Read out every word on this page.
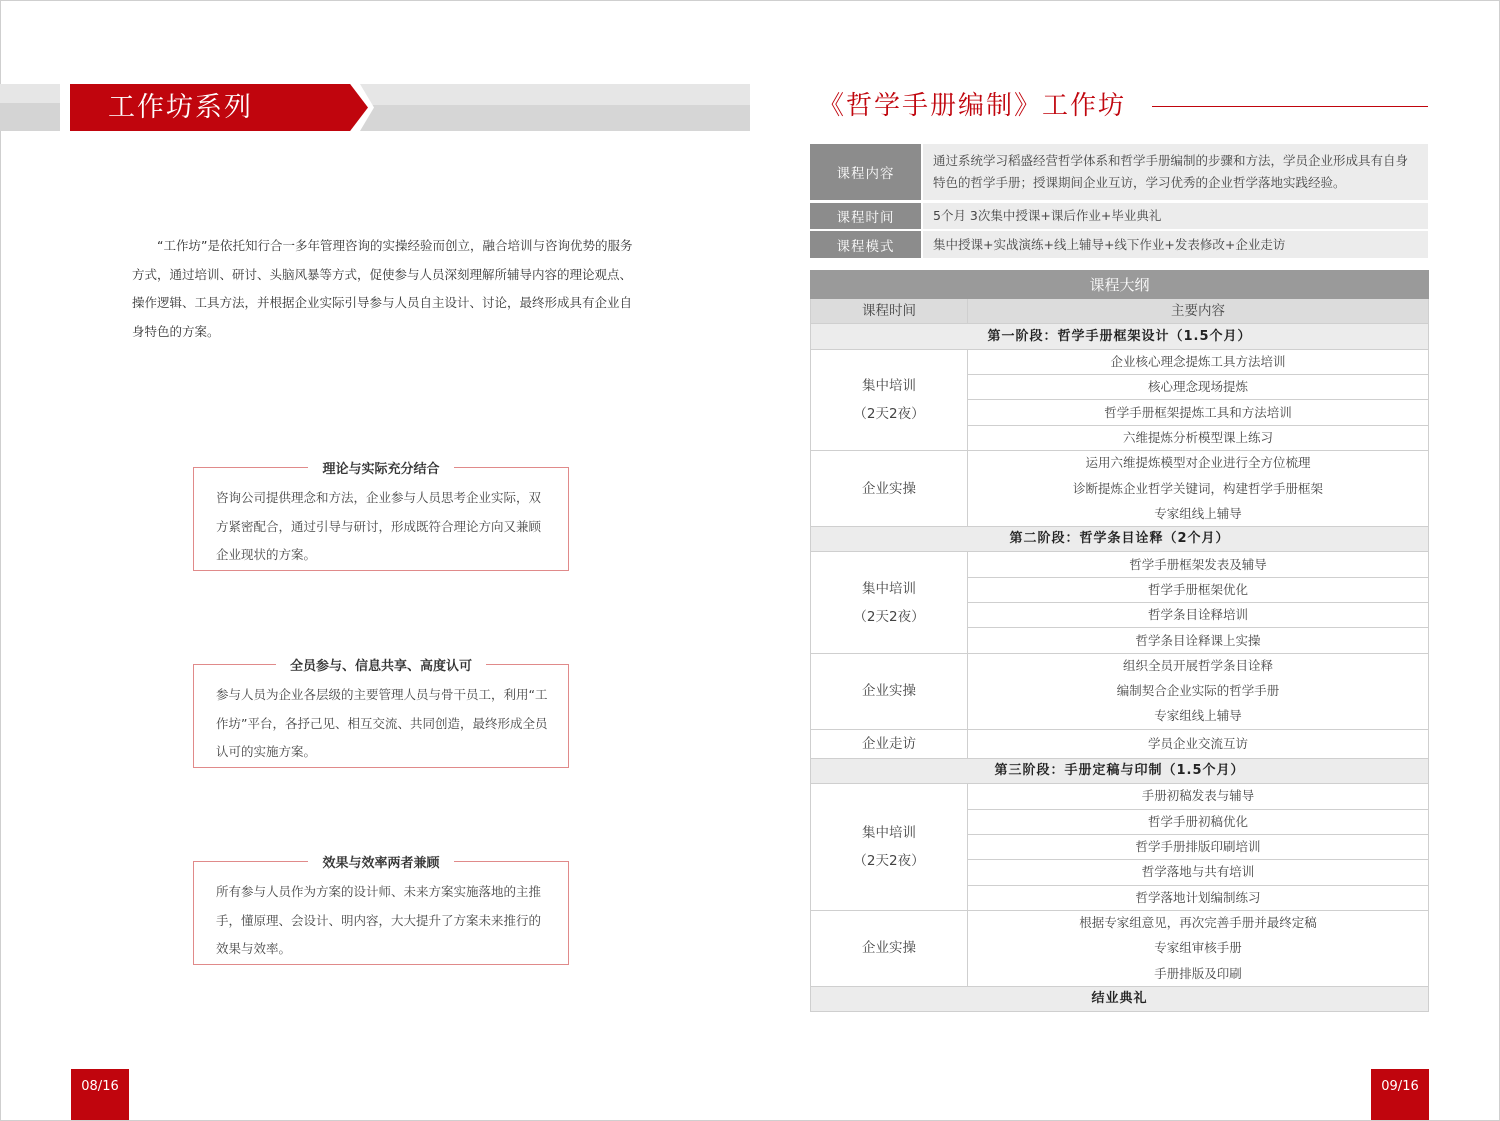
工作坊系列

“工作坊”是依托知行合一多年管理咨询的实操经验而创立，融合培训与咨询优势的服务方式，通过培训、研讨、头脑风暴等方式，促使参与人员深刻理解所辅导内容的理论观点、操作逻辑、工具方法，并根据企业实际引导参与人员自主设计、讨论，最终形成具有企业自身特色的方案。

理论与实际充分结合

咨询公司提供理念和方法，企业参与人员思考企业实际，双方紧密配合，通过引导与研讨，形成既符合理论方向又兼顾企业现状的方案。

全员参与、信息共享、高度认可

参与人员为企业各层级的主要管理人员与骨干员工，利用“工作坊”平台，各抒己见、相互交流、共同创造，最终形成全员认可的实施方案。

效果与效率两者兼顾

所有参与人员作为方案的设计师、未来方案实施落地的主推手，懂原理、会设计、明内容，大大提升了方案未来推行的效果与效率。

08/16
《哲学手册编制》工作坊
课程内容
通过系统学习稻盛经营哲学体系和哲学手册编制的步骤和方法，学员企业形成具有自身特色的哲学手册；授课期间企业互访，学习优秀的企业哲学落地实践经验。
课程时间	5个月 3次集中授课+课后作业+毕业典礼
课程模式	集中授课+实战演练+线上辅导+线下作业+发表修改+企业走访
课程大纲	
课程时间	主要内容
第一阶段：哲学手册框架设计（1.5个月）	

集中培训
（2天2夜）	企业核心理念提炼工具方法培训
	核心理念现场提炼
	哲学手册框架提炼工具和方法培训
	六维提炼分析模型课上练习

企业实操	运用六维提炼模型对企业进行全方位梳理
	诊断提炼企业哲学关键词，构建哲学手册框架
	专家组线上辅导
第二阶段：哲学条目诠释（2个月）	

集中培训
（2天2夜）	哲学手册框架发表及辅导
	哲学手册框架优化
	哲学条目诠释培训
	哲学条目诠释课上实操

企业实操	组织全员开展哲学条目诠释
	编制契合企业实际的哲学手册
	专家组线上辅导

企业走访	学员企业交流互访
第三阶段：手册定稿与印制（1.5个月）	

集中培训
（2天2夜）	手册初稿发表与辅导
	哲学手册初稿优化
	哲学手册排版印刷培训
	哲学落地与共有培训
	哲学落地计划编制练习

企业实操	根据专家组意见，再次完善手册并最终定稿
	专家组审核手册
	手册排版及印刷
结业典礼	
09/16
